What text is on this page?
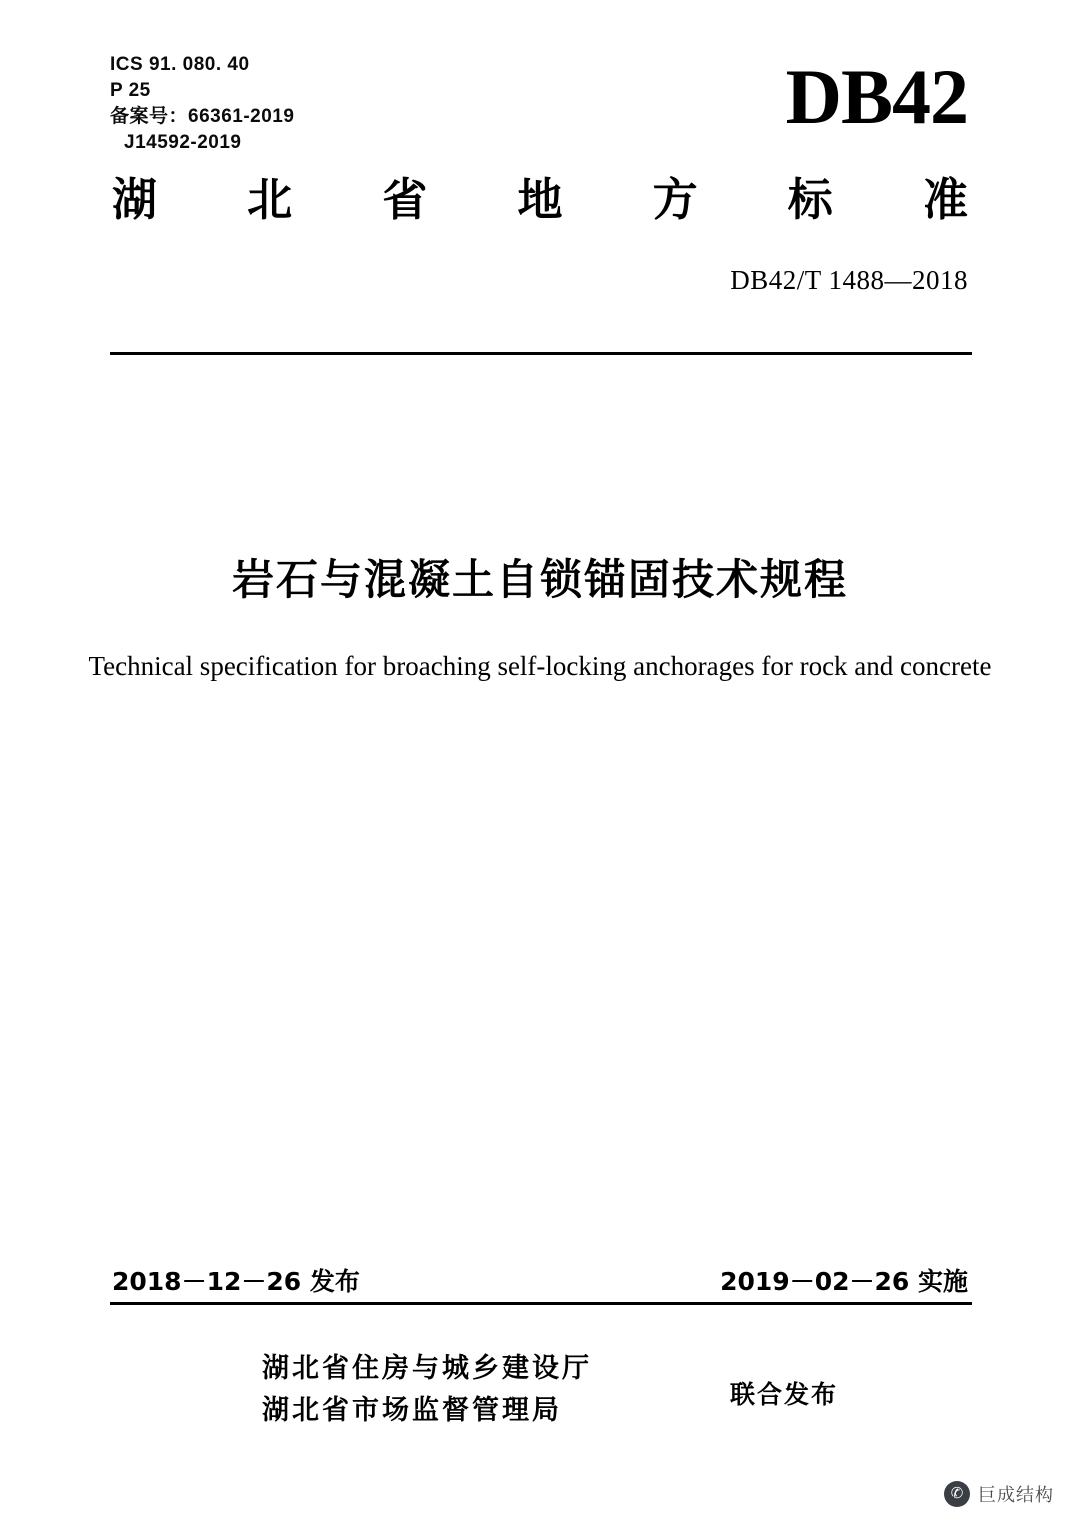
ICS 91. 080. 40
P 25
备案号：66361-2019
J14592-2019
DB42
湖 北 省 地 方 标 准
DB42/T 1488—2018
岩石与混凝土自锁锚固技术规程
Technical specification for broaching self-locking anchorages for rock and concrete
2018－12－26 发布	2019－02－26 实施
湖北省住房与城乡建设厅
湖北省市场监督管理局
联合发布
✆ 巨成结构
